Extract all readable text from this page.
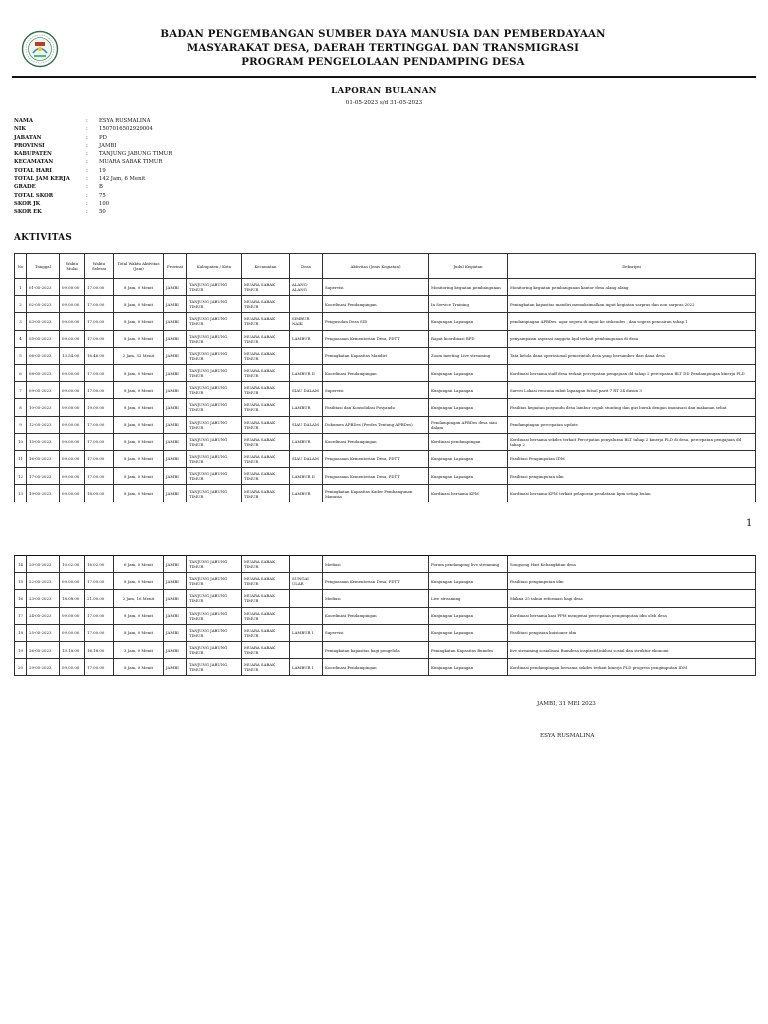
BADAN PENGEMBANGAN SUMBER DAYA MANUSIA DAN PEMBERDAYAAN
MASYARAKAT DESA, DAERAH TERTINGGAL DAN TRANSMIGRASI
PROGRAM PENGELOLAAN PENDAMPING DESA
LAPORAN BULANAN
01-05-2023 s/d 31-05-2023
NAMA	:	ESYA RUSMALINA
NIK	:	1507016502929004
JABATAN	:	PD
PROVINSI	:	JAMBI
KABUPATEN	:	TANJUNG JABUNG TIMUR
KECAMATAN	:	MUARA SABAK TIMUR
TOTAL HARI	:	19
TOTAL JAM KERJA	:	142 Jam, 6 Menit
GRADE	:	B
TOTAL SKOR	:	75
SKOR JK	:	100
SKOR EK	:	50
AKTIVITAS
No	Tanggal	Waktu Mulai	Waktu Selesai	Total Waktu Aktivitas (Jam)	Provinsi	Kabupaten / Kota	Kecamatan	Desa	Aktivitas (Jenis Kegiatan)	Judul Kegiatan	Deksripsi
1	01-05-2023	09.00.00	17.00.00	8 Jam, 0 Menit	JAMBI	TANJUNG JABUNG TIMUR	MUARA SABAK TIMUR	ALANG-ALANG	Supervisi	Monitoring kegiatan pembangunan	Monitoring kegiatan pembangunan kantor desa alang alang
2	02-05-2023	09.00.00	17.00.00	8 Jam, 0 Menit	JAMBI	TANJUNG JABUNG TIMUR	MUARA SABAK TIMUR		Koordinasi Pendampingan	In Service Training	Peningkatan kapasitas mandiri memaksimalkan input kegiatan sarpras dan non sarpras 2022
3	03-05-2023	09.00.00	17.00.00	8 Jam, 0 Menit	JAMBI	TANJUNG JABUNG TIMUR	MUARA SABAK TIMUR	SIMBUR NAIK	Pengusulan Desa SID	Kunjungan Lapangan	pendampingan APBDes. agar segera di input ke siskeudes , dan segera pencairan tahap 1
4	05-05-2023	09.00.00	17.00.00	8 Jam, 0 Menit	JAMBI	TANJUNG JABUNG TIMUR	MUARA SABAK TIMUR	LAMBUR	Penguasaan Kementerian Desa, PDTT	Rapat koordinasi BPD	penyampaian aspirasi anggota bpd terkait pembangunan di desa
5	06-05-2023	13.54.00	16.46.00	2 Jam, 52 Menit	JAMBI	TANJUNG JABUNG TIMUR	MUARA SABAK TIMUR		Peningkatan Kapasitas Mandiri	Zoom meeting Live streaming	Tata kelola dana operasional pemerintah desa yang bersumber dari dana desa
6	08-05-2023	09.00.00	17.00.00	8 Jam, 0 Menit	JAMBI	TANJUNG JABUNG TIMUR	MUARA SABAK TIMUR	LAMBUR II	Koordinasi Pendampingan	Kunjungan Lapangan	Kordinasi bersama staff desa terkait percepatan pengajuan dd tahap 2 percepatan BLT DD Pendampingan kinerja PLD
7	09-05-2023	09.00.00	17.00.00	8 Jam, 0 Menit	JAMBI	TANJUNG JABUNG TIMUR	MUARA SABAK TIMUR	SIAU DALAM	Supervisi	Kunjungan Lapangan	Survei Lokasi rencana rabat lapangan futsal parit 7 RT 24 dusun 3
8	10-05-2023	09.00.00	19.00.00	8 Jam, 0 Menit	JAMBI	TANJUNG JABUNG TIMUR	MUARA SABAK TIMUR	LAMBUR	Fasilitasi dan Konsolidasi Posyandu	Kunjungan Lapangan	Fasilitas kegiatan posyandu desa lambur cegah stunting dan gizi buruk dengan imunisasi dan makanan sehat
9	12-05-2023	09.00.00	17.00.00	8 Jam, 0 Menit	JAMBI	TANJUNG JABUNG TIMUR	MUARA SABAK TIMUR	SIAU DALAM	Dokumen APBDes (Perdes Tentang APBDes)	Pendampingan APBDes desa siau dalam	Pendampingan percepatan update
10	15-05-2023	09.00.00	17.00.00	8 Jam, 0 Menit	JAMBI	TANJUNG JABUNG TIMUR	MUARA SABAK TIMUR	LAMBUR	Koordinasi Pendampingan	Kordinasi pendampingan	Kordinasi bersama sekdes terkait Percepatan penyaluran BLT tahap 2 kinerja PLD di desa, percepatan pengajuan dd tahap 2
11	16-05-2023	09.00.00	17.00.00	8 Jam, 0 Menit	JAMBI	TANJUNG JABUNG TIMUR	MUARA SABAK TIMUR	SIAU DALAM	Penguasaan Kementerian Desa, PDTT	Kunjungan Lapangan	Fasilitasi Pengimputan IDM
12	17-05-2023	09.00.00	17.00.00	8 Jam, 0 Menit	JAMBI	TANJUNG JABUNG TIMUR	MUARA SABAK TIMUR	LAMBUR II	Penguasaan Kementerian Desa, PDTT	Kunjungan Lapangan	Fasilitasi pengimputan idm
13	19-05-2023	09.00.00	18.00.00	8 Jam, 0 Menit	JAMBI	TANJUNG JABUNG TIMUR	MUARA SABAK TIMUR	LAMBUR	Peningkatan Kapasitas Kader Pembangunan Manusia	Kordinasi bersama KPM	Kordinasi bersama KPM terkait pelaporan pendataan kpm setiap bulan
1
14	20-05-2023	10.02.00	16.02.00	6 Jam, 0 Menit	JAMBI	TANJUNG JABUNG TIMUR	MUARA SABAK TIMUR		Mediasi	Forum pendamping live streaming	Songsong Hari Kebangkitan desa
15	22-05-2023	09.00.00	17.00.00	8 Jam, 0 Menit	JAMBI	TANJUNG JABUNG TIMUR	MUARA SABAK TIMUR	SUNGAI ULAR	Penguasaan Kementerian Desa, PDTT	Kunjungan Lapangan	Fasilitasi pengimputan idm
16	23-05-2023	18.08.00	21.00.00	2 Jam, 16 Menit	JAMBI	TANJUNG JABUNG TIMUR	MUARA SABAK TIMUR		Mediasi	Live streaming	Makna 25 tahun reformasi bagi desa
17	24-05-2023	09.00.00	17.00.00	8 Jam, 0 Menit	JAMBI	TANJUNG JABUNG TIMUR	MUARA SABAK TIMUR		Koordinasi Pendampingan	Kunjungan Lapangan	Kordinasi bersama kasi PPM mengenai percepatan pengimputan idm oleh desa
18	25-05-2023	09.00.00	17.00.00	8 Jam, 0 Menit	JAMBI	TANJUNG JABUNG TIMUR	MUARA SABAK TIMUR	LAMBUR I	Supervisi	Kunjungan Lapangan	Fasilitasi pengisian kuisioner idm
19	26-05-2023	13.18.00	16.18.00	3 Jam, 0 Menit	JAMBI	TANJUNG JABUNG TIMUR	MUARA SABAK TIMUR		Peningkatan kapasitas bagi pengelola	Peningkatan Kapasitas Bumdes	live streaming sosialisasi Bumdesa inspiratif,inklusi sosial dan struktur ekonomi
20	29-05-2023	09.00.00	17.00.00	8 Jam, 0 Menit	JAMBI	TANJUNG JABUNG TIMUR	MUARA SABAK TIMUR	LAMBUR I	Koordinasi Pendampingan	Kunjungan Lapangan	Kordinasi pendampingan bersama sekdes terkait kinerja PLD progress pengimputan IDM
JAMBI, 31 MEI 2023
ESYA RUSMALINA
